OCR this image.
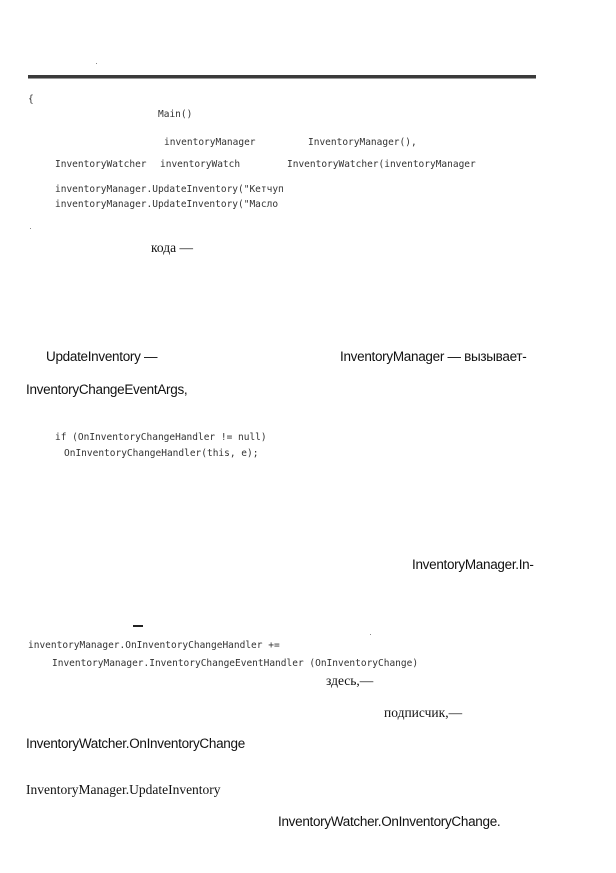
{
Main()
inventoryManager	InventoryManager(),
InventoryWatcher inventoryWatch	InventoryWatcher(inventoryManager
inventoryManager.UpdateInventory("Кетчуп
inventoryManager.UpdateInventory("Масло
кода —
UpdateInventory —	InventoryManager — вызывает-
InventoryChangeEventArgs,
if (OnInventoryChangeHandler != null)
OnInventoryChangeHandler(this, e);
InventoryManager.In-
inventoryManager.OnInventoryChangeHandler +=
InventoryManager.InventoryChangeEventHandler (OnInventoryChange)
здесь,—
подписчик,—
InventoryWatcher.OnInventoryChange
InventoryManager.UpdateInventory
InventoryWatcher.OnInventoryChange.
